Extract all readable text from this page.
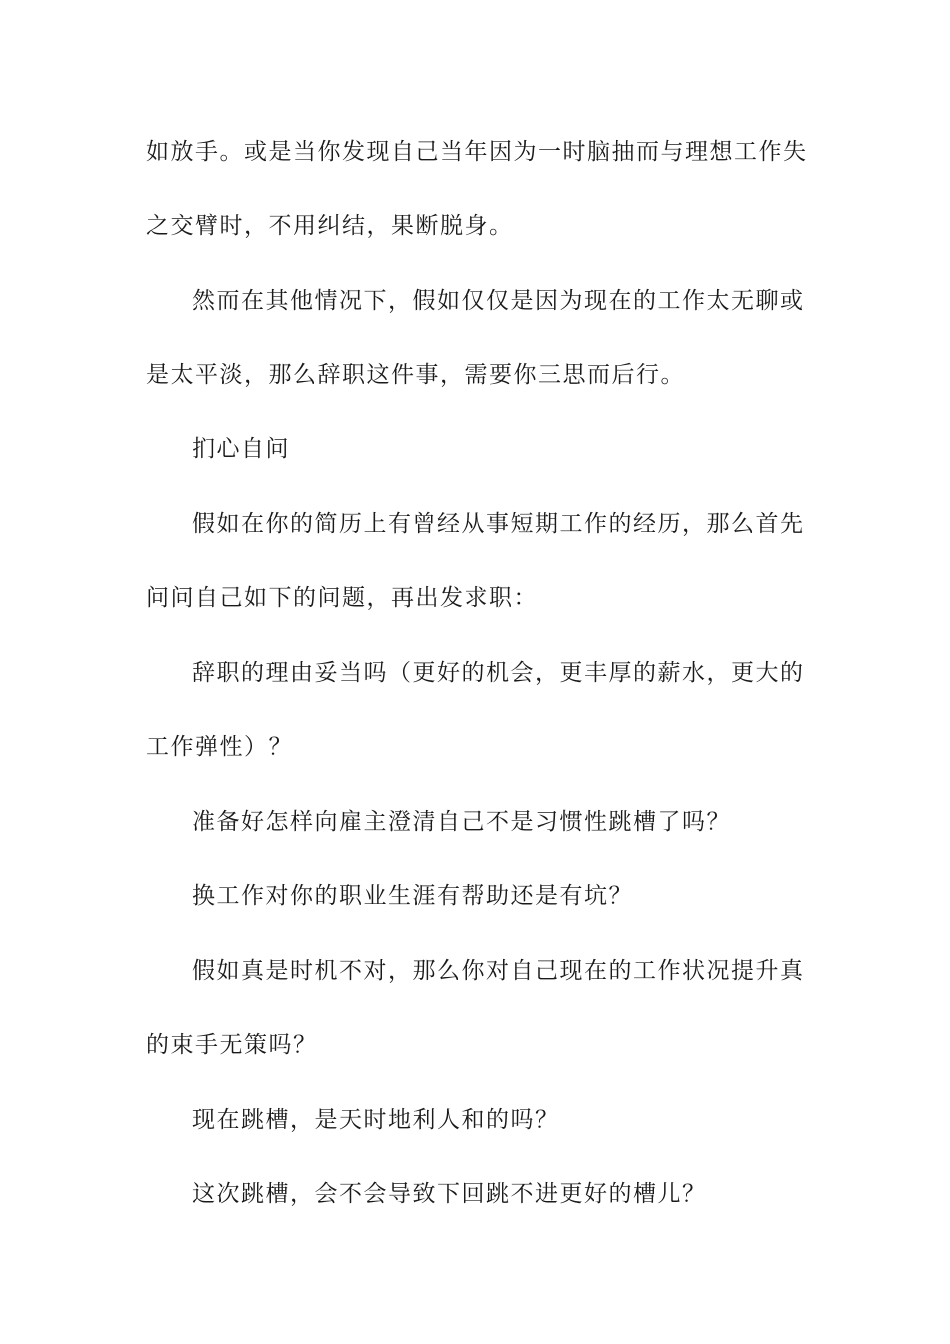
如放手。或是当你发现自己当年因为一时脑抽而与理想工作失
之交臂时，不用纠结，果断脱身。
然而在其他情况下，假如仅仅是因为现在的工作太无聊或
是太平淡，那么辞职这件事，需要你三思而后行。
扪心自问
假如在你的简历上有曾经从事短期工作的经历，那么首先
问问自己如下的问题，再出发求职：
辞职的理由妥当吗（更好的机会，更丰厚的薪水，更大的
工作弹性）？
准备好怎样向雇主澄清自己不是习惯性跳槽了吗？
换工作对你的职业生涯有帮助还是有坑？
假如真是时机不对，那么你对自己现在的工作状况提升真
的束手无策吗？
现在跳槽，是天时地利人和的吗？
这次跳槽，会不会导致下回跳不进更好的槽儿？
